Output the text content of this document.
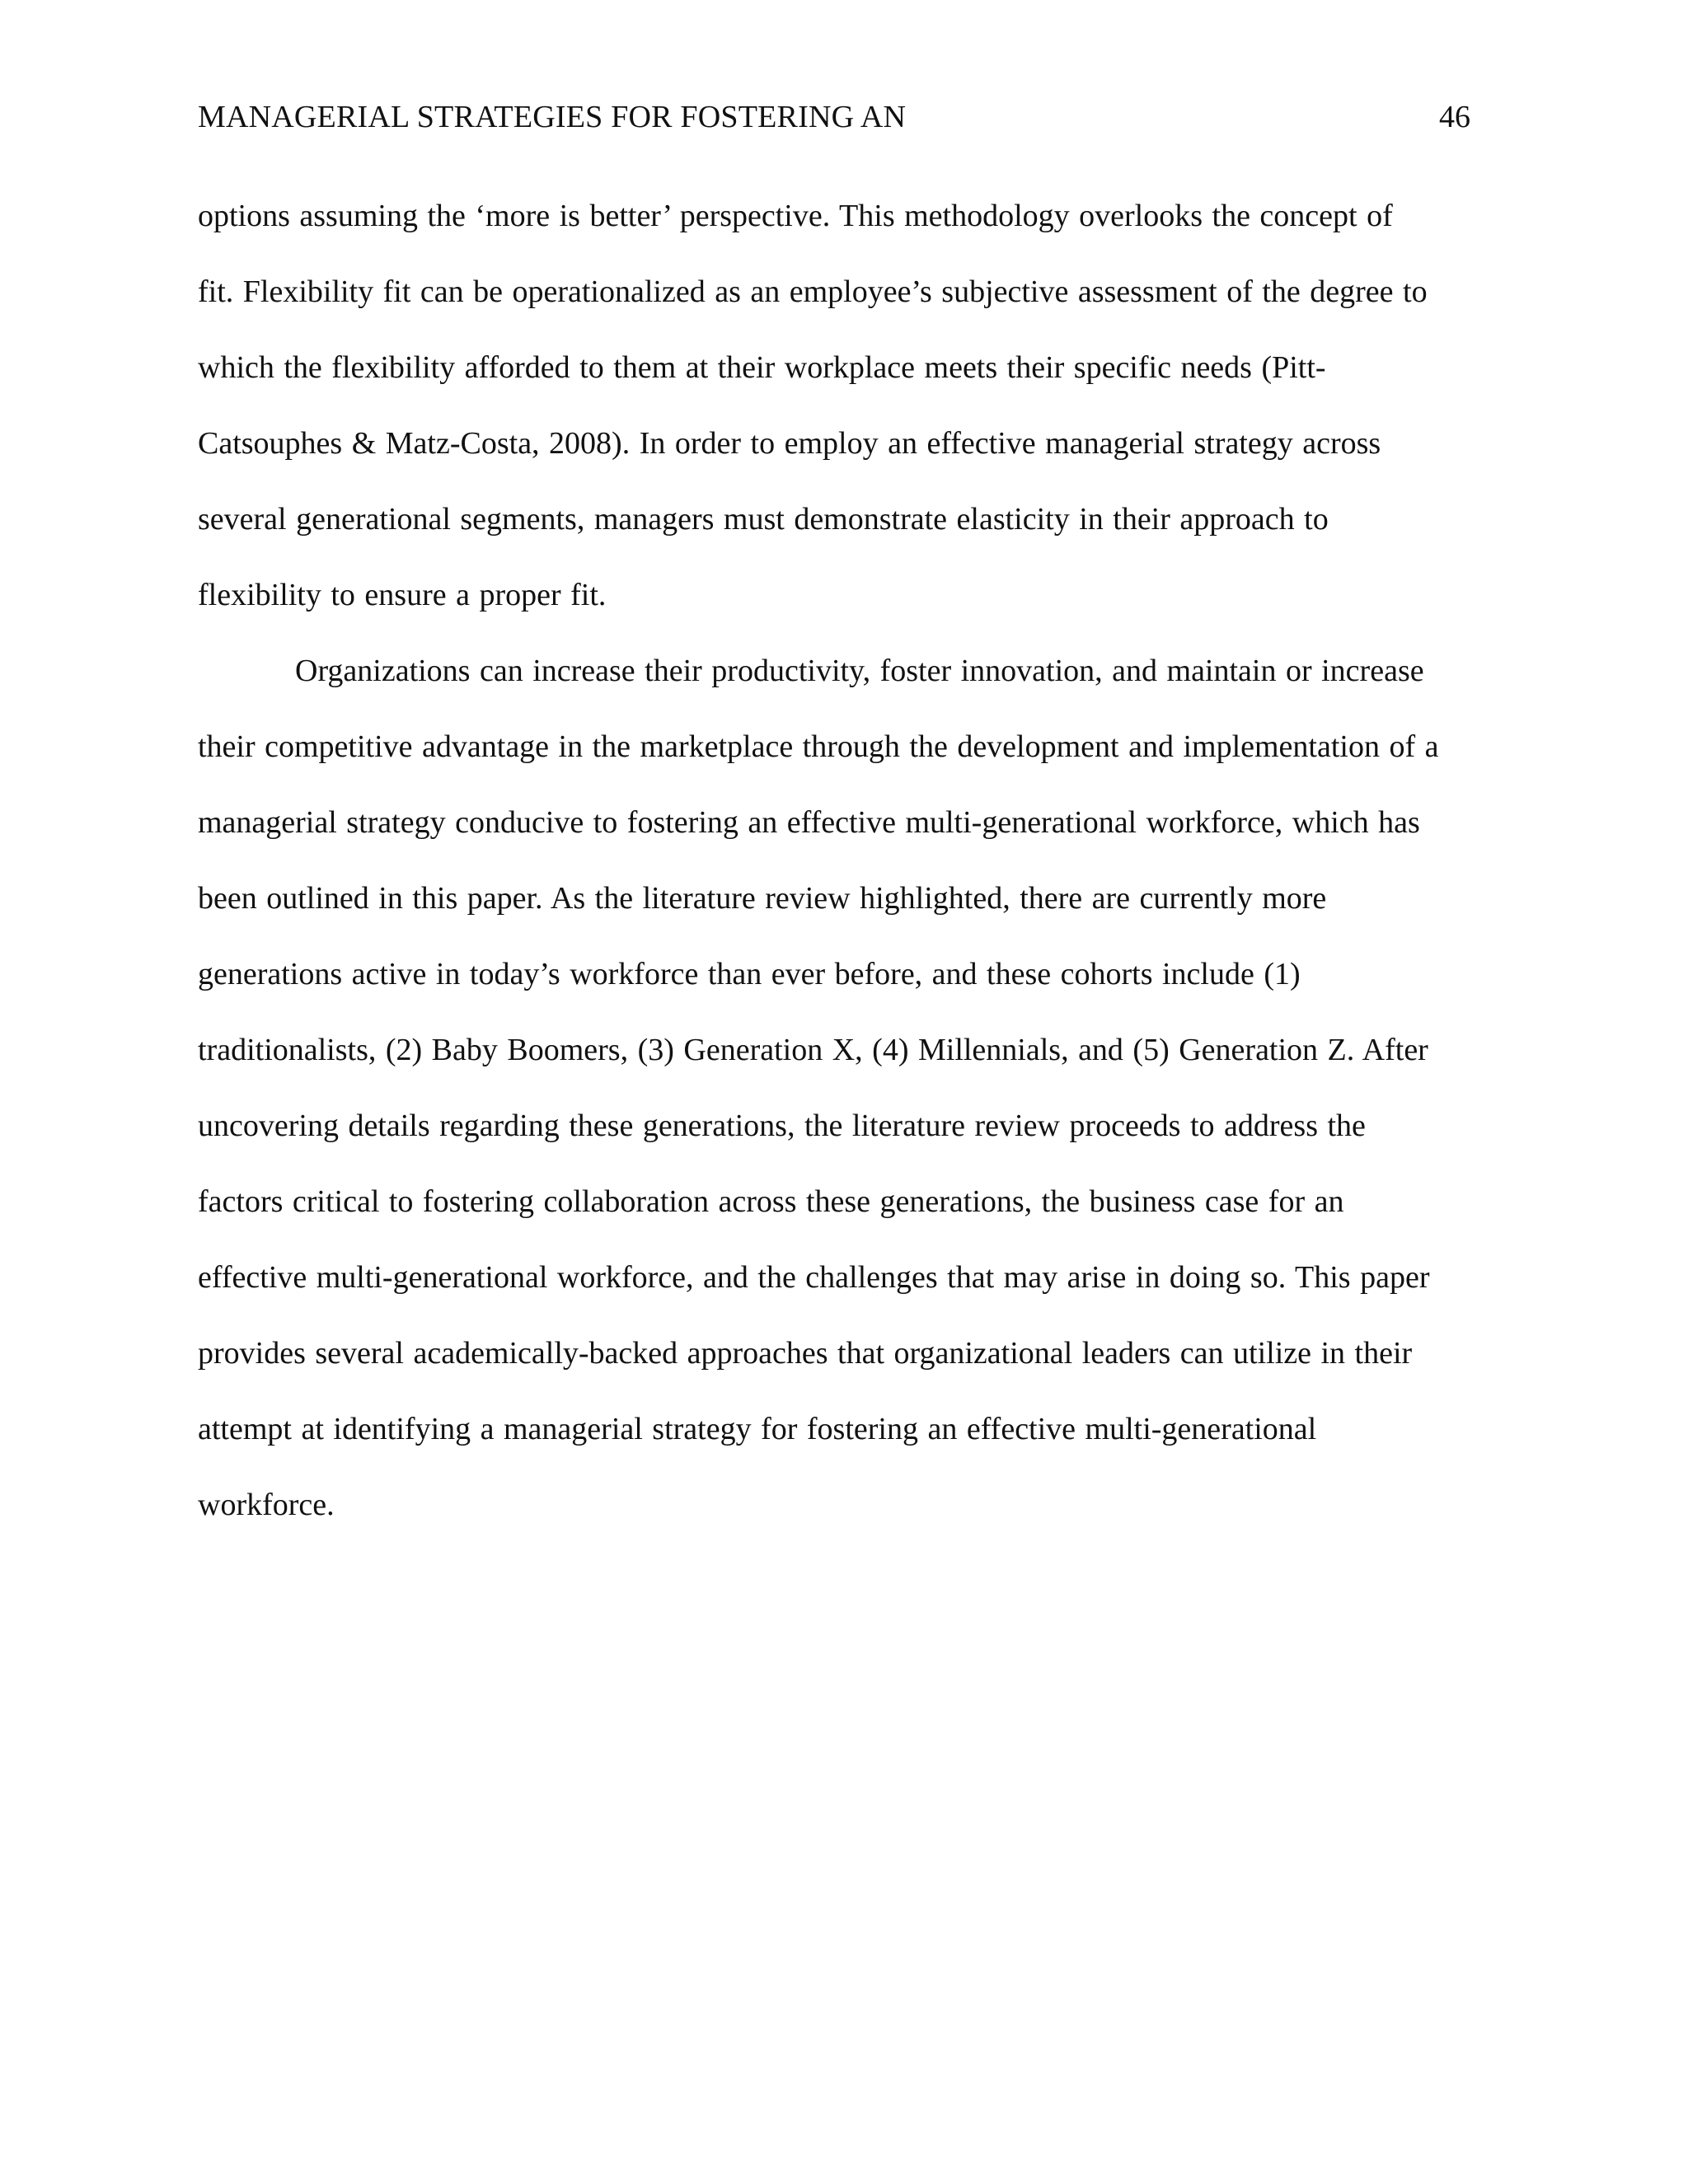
MANAGERIAL STRATEGIES FOR FOSTERING AN	46
options assuming the ‘more is better’ perspective. This methodology overlooks the concept of
fit. Flexibility fit can be operationalized as an employee’s subjective assessment of the degree to
which the flexibility afforded to them at their workplace meets their specific needs (Pitt-
Catsouphes & Matz-Costa, 2008). In order to employ an effective managerial strategy across
several generational segments, managers must demonstrate elasticity in their approach to
flexibility to ensure a proper fit.
Organizations can increase their productivity, foster innovation, and maintain or increase
their competitive advantage in the marketplace through the development and implementation of a
managerial strategy conducive to fostering an effective multi-generational workforce, which has
been outlined in this paper. As the literature review highlighted, there are currently more
generations active in today’s workforce than ever before, and these cohorts include (1)
traditionalists, (2) Baby Boomers, (3) Generation X, (4) Millennials, and (5) Generation Z. After
uncovering details regarding these generations, the literature review proceeds to address the
factors critical to fostering collaboration across these generations, the business case for an
effective multi-generational workforce, and the challenges that may arise in doing so. This paper
provides several academically-backed approaches that organizational leaders can utilize in their
attempt at identifying a managerial strategy for fostering an effective multi-generational
workforce.
